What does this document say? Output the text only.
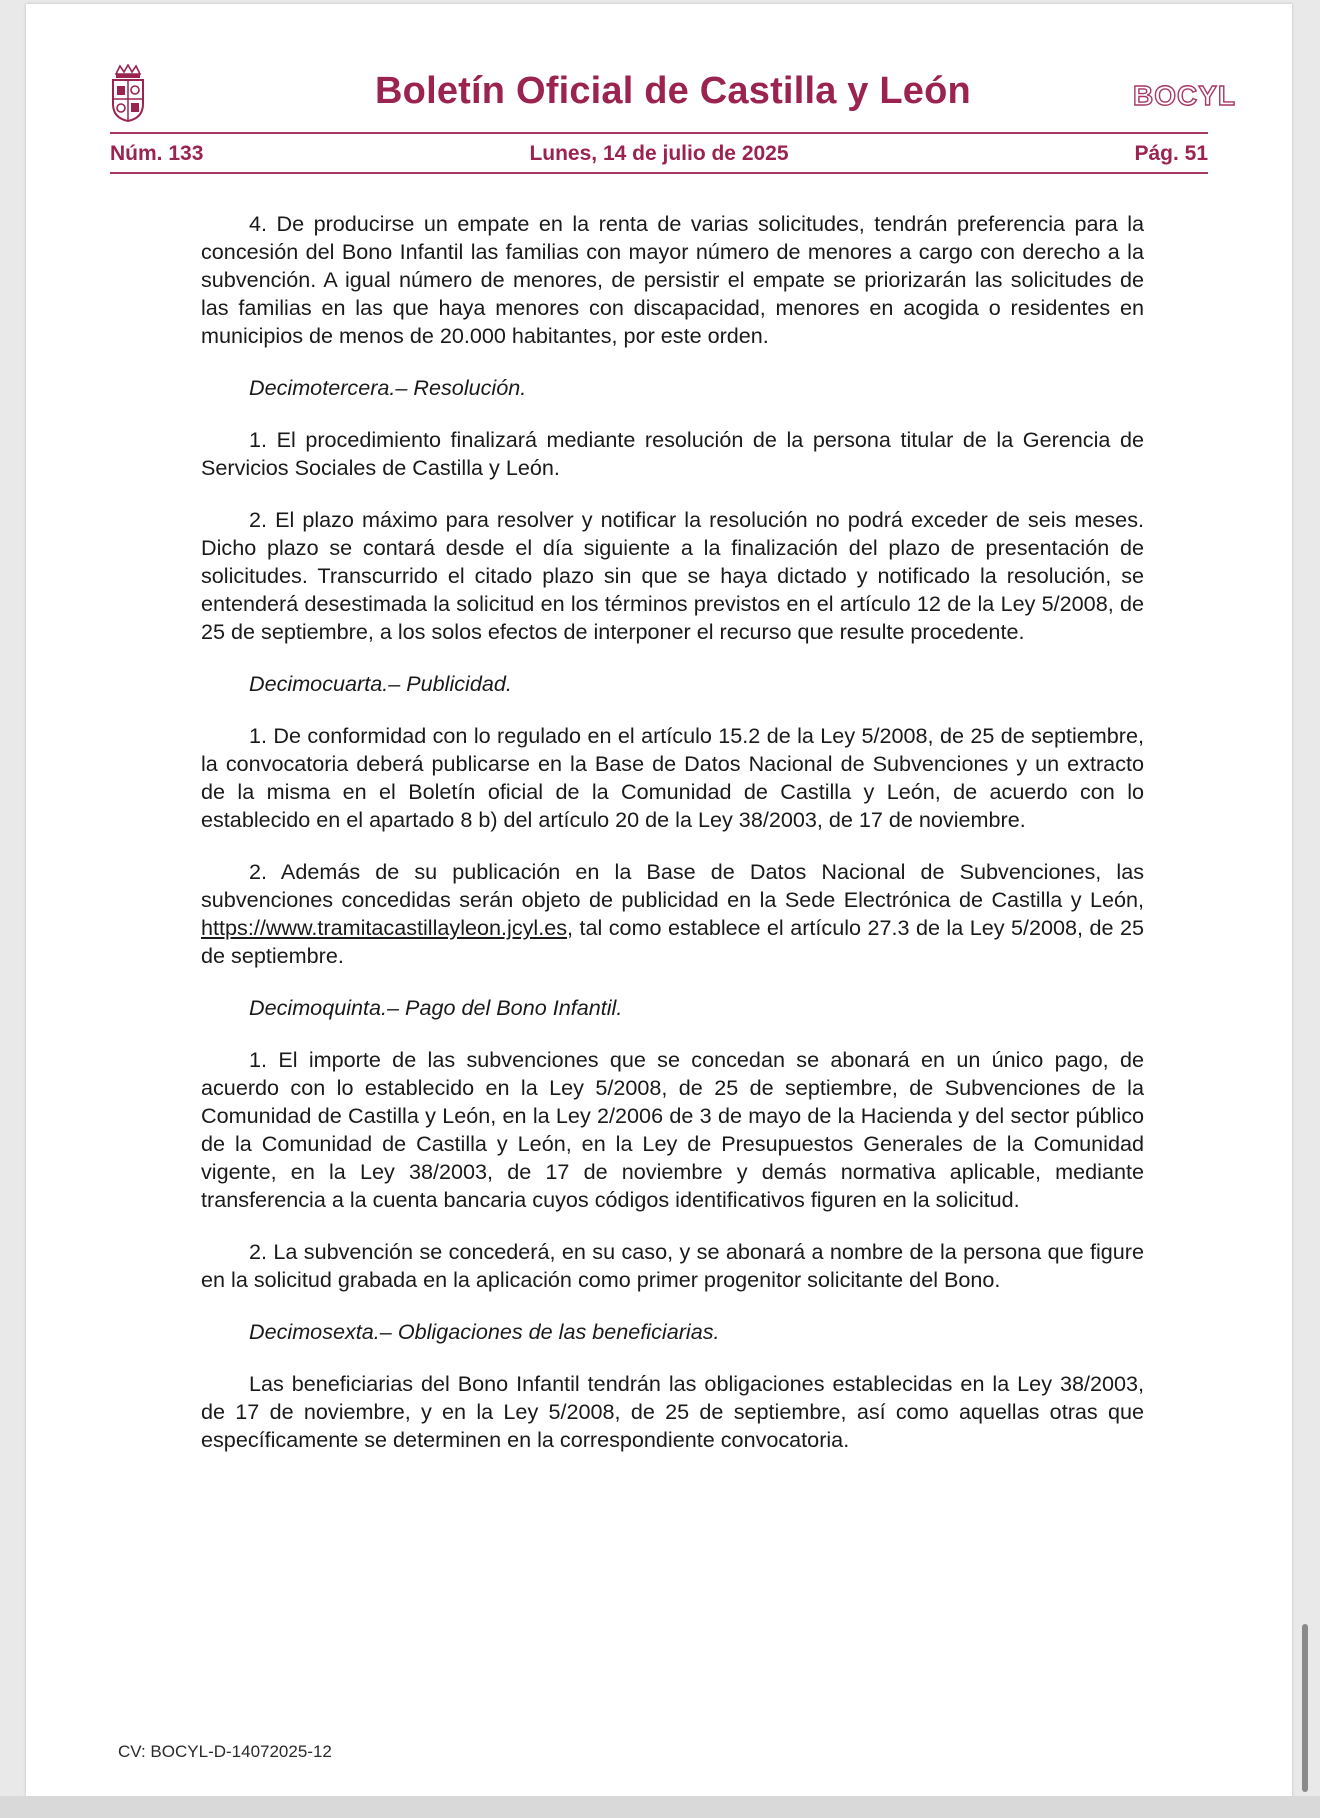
Boletín Oficial de Castilla y León	BOCYL
Núm. 133	Lunes, 14 de julio de 2025	Pág. 51

4. De producirse un empate en la renta de varias solicitudes, tendrán preferencia para la concesión del Bono Infantil las familias con mayor número de menores a cargo con derecho a la subvención. A igual número de menores, de persistir el empate se priorizarán las solicitudes de las familias en las que haya menores con discapacidad, menores en acogida o residentes en municipios de menos de 20.000 habitantes, por este orden.

Decimotercera.– Resolución.

1. El procedimiento finalizará mediante resolución de la persona titular de la Gerencia de Servicios Sociales de Castilla y León.

2. El plazo máximo para resolver y notificar la resolución no podrá exceder de seis meses. Dicho plazo se contará desde el día siguiente a la finalización del plazo de presentación de solicitudes. Transcurrido el citado plazo sin que se haya dictado y notificado la resolución, se entenderá desestimada la solicitud en los términos previstos en el artículo 12 de la Ley 5/2008, de 25 de septiembre, a los solos efectos de interponer el recurso que resulte procedente.

Decimocuarta.– Publicidad.

1. De conformidad con lo regulado en el artículo 15.2 de la Ley 5/2008, de 25 de septiembre, la convocatoria deberá publicarse en la Base de Datos Nacional de Subvenciones y un extracto de la misma en el Boletín oficial de la Comunidad de Castilla y León, de acuerdo con lo establecido en el apartado 8 b) del artículo 20 de la Ley 38/2003, de 17 de noviembre.

2. Además de su publicación en la Base de Datos Nacional de Subvenciones, las subvenciones concedidas serán objeto de publicidad en la Sede Electrónica de Castilla y León, https://www.tramitacastillayleon.jcyl.es, tal como establece el artículo 27.3 de la Ley 5/2008, de 25 de septiembre.

Decimoquinta.– Pago del Bono Infantil.

1. El importe de las subvenciones que se concedan se abonará en un único pago, de acuerdo con lo establecido en la Ley 5/2008, de 25 de septiembre, de Subvenciones de la Comunidad de Castilla y León, en la Ley 2/2006 de 3 de mayo de la Hacienda y del sector público de la Comunidad de Castilla y León, en la Ley de Presupuestos Generales de la Comunidad vigente, en la Ley 38/2003, de 17 de noviembre y demás normativa aplicable, mediante transferencia a la cuenta bancaria cuyos códigos identificativos figuren en la solicitud.

2. La subvención se concederá, en su caso, y se abonará a nombre de la persona que figure en la solicitud grabada en la aplicación como primer progenitor solicitante del Bono.

Decimosexta.– Obligaciones de las beneficiarias.

Las beneficiarias del Bono Infantil tendrán las obligaciones establecidas en la Ley 38/2003, de 17 de noviembre, y en la Ley 5/2008, de 25 de septiembre, así como aquellas otras que específicamente se determinen en la correspondiente convocatoria.

CV: BOCYL-D-14072025-12
